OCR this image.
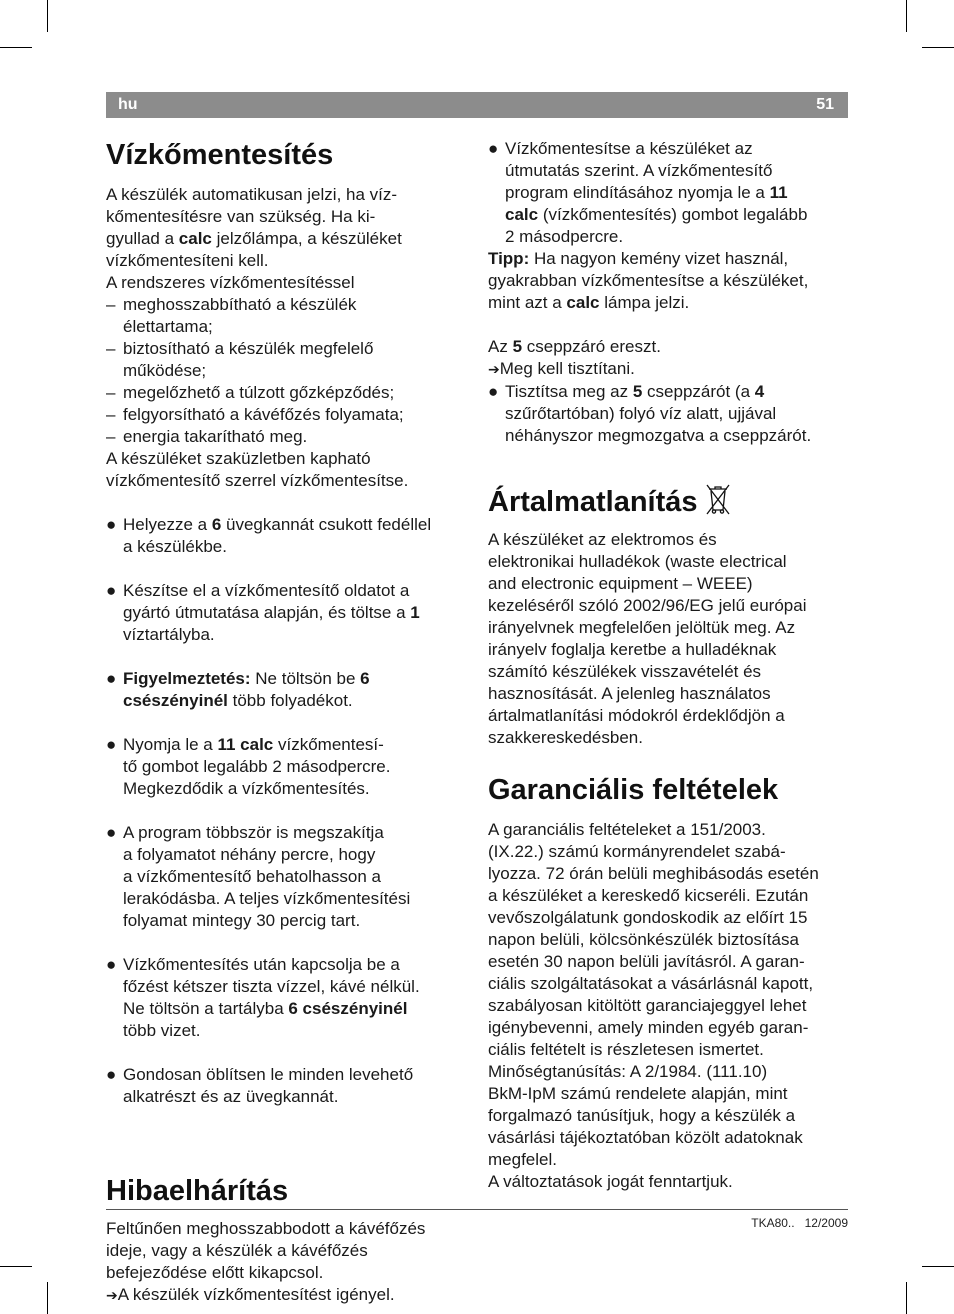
hu	51
Vízkőmentesítés

A készülék automatikusan jelzi, ha víz-
kőmentesítésre van szükség. Ha ki-
gyullad a calc jelzőlámpa, a készüléket
vízkőmentesíteni kell.

A rendszeres vízkőmentesítéssel

– meghosszabbítható a készülék
élettartama;
– biztosítható a készülék megfelelő
működése;
– megelőzhető a túlzott gőzképződés;
– felgyorsítható a kávéfőzés folyamata;
– energia takarítható meg.

A készüléket szaküzletben kapható
vízkőmentesítő szerrel vízkőmentesítse.

● Helyezze a 6 üvegkannát csukott fedéllel
a készülékbe.

● Készítse el a vízkőmentesítő oldatot a
gyártó útmutatása alapján, és töltse a 1
víztartályba.

● Figyelmeztetés: Ne töltsön be 6
csészényinél több folyadékot.

● Nyomja le a 11 calc vízkőmentesí-
tő gombot legalább 2 másodpercre.
Megkezdődik a vízkőmentesítés.

● A program többször is megszakítja
a folyamatot néhány percre, hogy
a vízkőmentesítő behatolhasson a
lerakódásba. A teljes vízkőmentesítési
folyamat mintegy 30 percig tart.

● Vízkőmentesítés után kapcsolja be a
főzést kétszer tiszta vízzel, kávé nélkül.
Ne töltsön a tartályba 6 csészényinél
több vizet.

● Gondosan öblítsen le minden levehető
alkatrészt és az üvegkannát.

Hibaelhárítás

Feltűnően meghosszabbodott a kávéfőzés
ideje, vagy a készülék a kávéfőzés
befejeződése előtt kikapcsol.

➔A készülék vízkőmentesítést igényel.

● Vízkőmentesítse a készüléket az
útmutatás szerint. A vízkőmentesítő
program elindításához nyomja le a 11
calc (vízkőmentesítés) gombot legalább
2 másodpercre.

Tipp: Ha nagyon kemény vizet használ,
gyakrabban vízkőmentesítse a készüléket,
mint azt a calc lámpa jelzi.

Az 5 cseppzáró ereszt.

➔Meg kell tisztítani.

● Tisztítsa meg az 5 cseppzárót (a 4
szűrőtartóban) folyó víz alatt, ujjával
néhányszor megmozgatva a cseppzárót.
Ártalmatlanítás

A készüléket az elektromos és
elektronikai hulladékok (waste electrical
and electronic equipment – WEEE)
kezeléséről szóló 2002/96/EG jelű európai
irányelvnek megfelelően jelöltük meg. Az
irányelv foglalja keretbe a hulladéknak
számító készülékek visszavételét és
hasznosítását. A jelenleg használatos
ártalmatlanítási módokról érdeklődjön a
szakkereskedésben.

Garanciális feltételek

A garanciális feltételeket a 151/2003.
(IX.22.) számú kormányrendelet szabá-
lyozza. 72 órán belüli meghibásodás esetén
a készüléket a kereskedő kicseréli. Ezután
vevőszolgálatunk gondoskodik az előírt 15
napon belüli, kölcsönkészülék biztosítása
esetén 30 napon belüli javításról. A garan-
ciális szolgáltatásokat a vásárlásnál kapott,
szabályosan kitöltött garanciajeggyel lehet
igénybevenni, amely minden egyéb garan-
ciális feltételt is részletesen ismertet.
Minőségtanúsítás: A 2/1984. (111.10)
BkM-IpM számú rendelete alapján, mint
forgalmazó tanúsítjuk, hogy a készülék a
vásárlási tájékoztatóban közölt adatoknak
megfelel.
A változtatások jogát fenntartjuk.

TKA80.. 12/2009
